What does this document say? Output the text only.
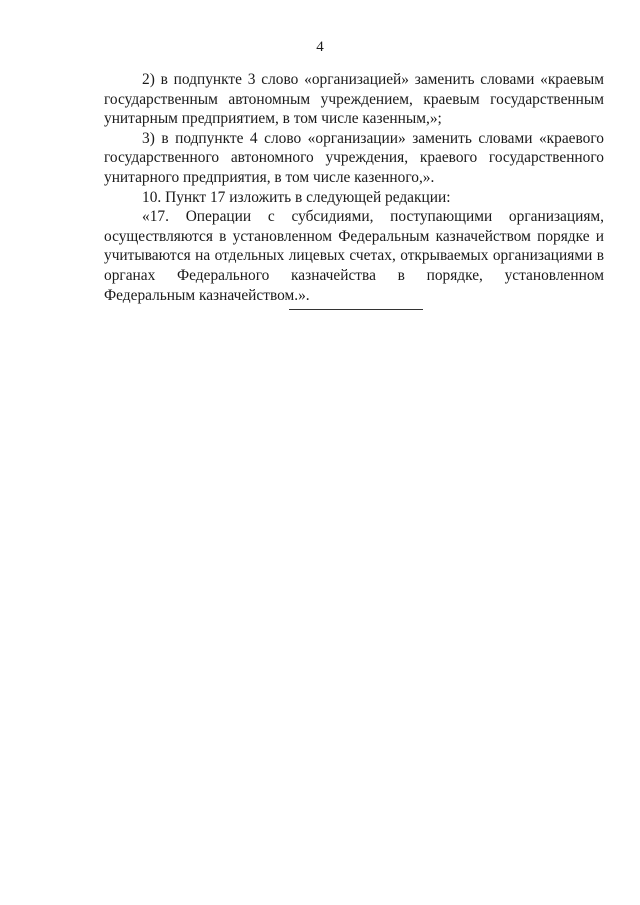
4

2) в подпункте 3 слово «организацией» заменить словами «краевым государственным автономным учреждением, краевым государственным унитарным предприятием, в том числе казенным,»;

3) в подпункте 4 слово «организации» заменить словами «краевого государственного автономного учреждения, краевого государственного унитарного предприятия, в том числе казенного,».

10. Пункт 17 изложить в следующей редакции:

«17. Операции с субсидиями, поступающими организациям, осуществляются в установленном Федеральным казначейством порядке и учитываются на отдельных лицевых счетах, открываемых организациями в органах Федерального казначейства в порядке, установленном Федеральным казначейством.».
